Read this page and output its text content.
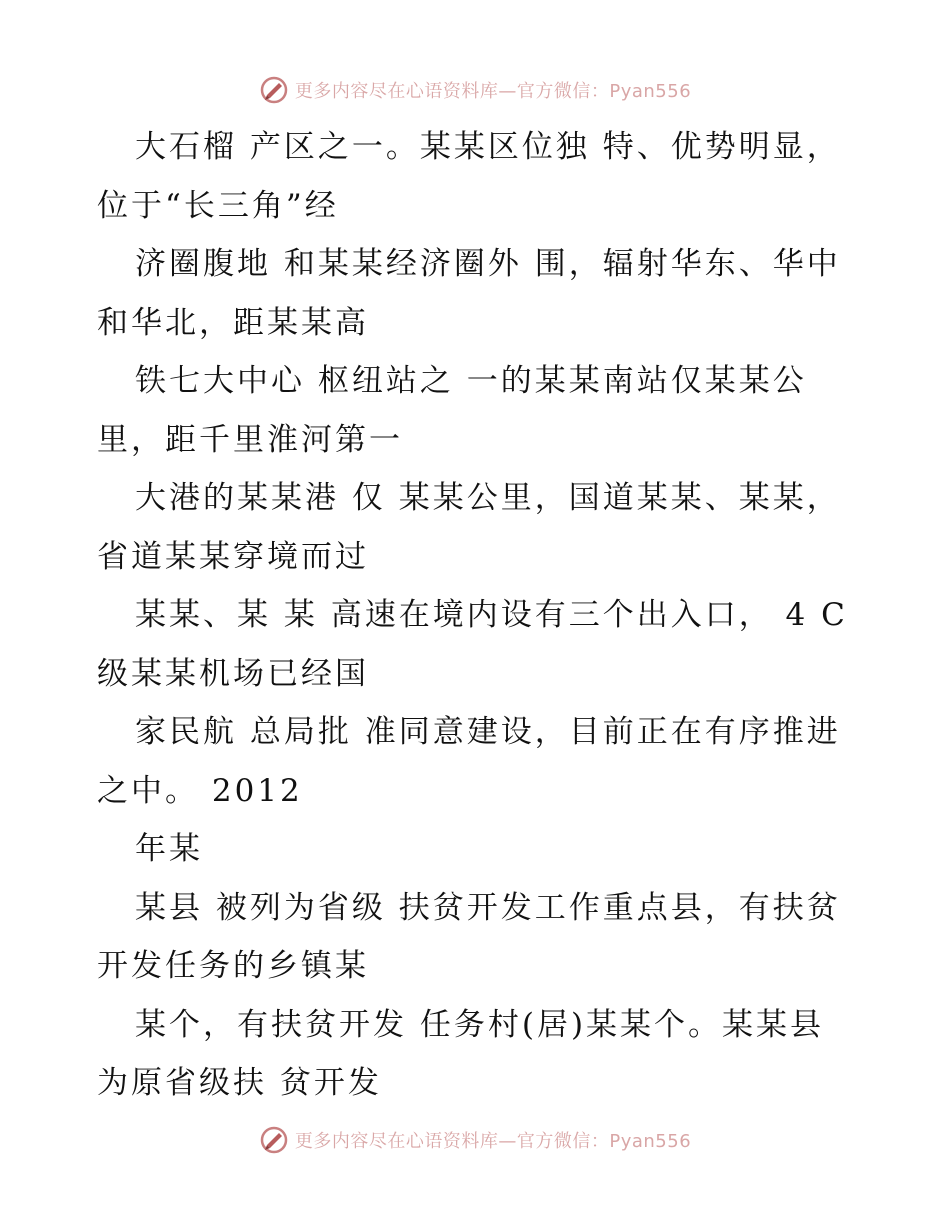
更多内容尽在心语资料库—官方微信：Pyan556
大石榴 产区之一。某某区位独 特、优势明显，
位于“长三角”经
济圈腹地 和某某经济圈外 围，辐射华东、华中
和华北，距某某高
铁七大中心 枢纽站之 一的某某南站仅某某公
里，距千里淮河第一
大港的某某港 仅 某某公里，国道某某、某某，
省道某某穿境而过
某某、某 某 高速在境内设有三个出入口， 4 C
级某某机场已经国
家民航 总局批 准同意建设，目前正在有序推进
之中。 2012
年某
某县 被列为省级 扶贫开发工作重点县，有扶贫
开发任务的乡镇某
某个，有扶贫开发 任务村(居)某某个。某某县
为原省级扶 贫开发
更多内容尽在心语资料库—官方微信：Pyan556
